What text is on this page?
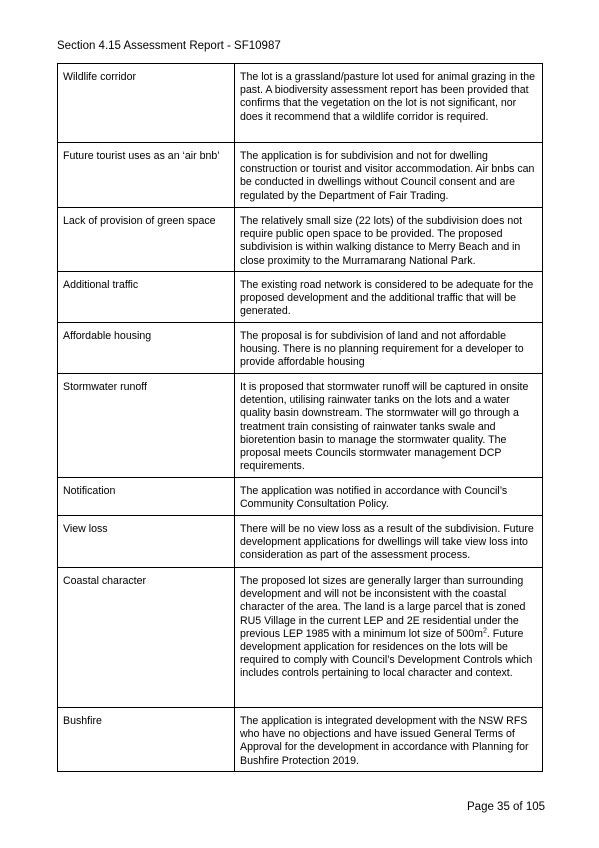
Section 4.15 Assessment Report - SF10987
Wildlife corridor	The lot is a grassland/pasture lot used for animal grazing in the past. A biodiversity assessment report has been provided that confirms that the vegetation on the lot is not significant, nor does it recommend that a wildlife corridor is required.
Future tourist uses as an ‘air bnb’	The application is for subdivision and not for dwelling construction or tourist and visitor accommodation. Air bnbs can be conducted in dwellings without Council consent and are regulated by the Department of Fair Trading.
Lack of provision of green space	The relatively small size (22 lots) of the subdivision does not require public open space to be provided. The proposed subdivision is within walking distance to Merry Beach and in close proximity to the Murramarang National Park.
Additional traffic	The existing road network is considered to be adequate for the proposed development and the additional traffic that will be generated.
Affordable housing	The proposal is for subdivision of land and not affordable housing. There is no planning requirement for a developer to provide affordable housing
Stormwater runoff	It is proposed that stormwater runoff will be captured in onsite detention, utilising rainwater tanks on the lots and a water quality basin downstream. The stormwater will go through a treatment train consisting of rainwater tanks swale and bioretention basin to manage the stormwater quality. The proposal meets Councils stormwater management DCP requirements.
Notification	The application was notified in accordance with Council’s Community Consultation Policy.
View loss	There will be no view loss as a result of the subdivision. Future development applications for dwellings will take view loss into consideration as part of the assessment process.
Coastal character	The proposed lot sizes are generally larger than surrounding development and will not be inconsistent with the coastal character of the area. The land is a large parcel that is zoned RU5 Village in the current LEP and 2E residential under the previous LEP 1985 with a minimum lot size of $500m^2$. Future development application for residences on the lots will be required to comply with Council’s Development Controls which includes controls pertaining to local character and context.
Bushfire	The application is integrated development with the NSW RFS who have no objections and have issued General Terms of Approval for the development in accordance with Planning for Bushfire Protection 2019.
Page 35 of 105
